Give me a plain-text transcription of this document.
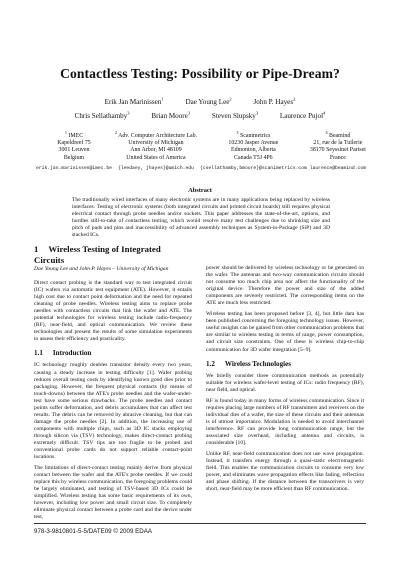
Contactless Testing: Possibility or Pipe-Dream?
Erik Jan Marinissen$^1$	Dae Young Lee$^2$	John P. Hayes$^2$
Chris Sellathamby$^3$	Brian Moore$^3$	Steven Slupsky$^3$	Laurence Pujol$^4$
$^1$ IMEC
Kapeldreef 75
3001 Leuven
Belgium
erik.jan.marinissen@imec.be
$^2$ Adv. Computer Architecture Lab.
University of Michigan
Ann Arbor, MI 48109
United States of America
{leedaey, jhayes}@umich.edu
$^3$ Scanimetrics
10230 Jasper Avenue
Edmonton, Alberta
Canada T5J 4P6
{csellathamby,bmoore}@scanimetrics.com
$^4$ Beamind
21, rue de la Tuilerie
38170 Seyssinet Pariset
France
laurence@beamind.com
Abstract
The traditionally wired interfaces of many electronic systems are in many applications being replaced by wireless interfaces. Testing of electronic systems (both integrated circuits and printed circuit boards) still requires physical electrical contact through probe needles and/or sockets. This paper addresses the state-of-the-art, options, and hurdles still-to-take of contactless testing, which would resolve many test challenges due to shrinking size and pitch of pads and pins and inaccessibility of advanced assembly techniques as System-in-Package (SiP) and 3D stacked ICs.
1 Wireless Testing of Integrated Circuits
Dae Young Lee and John P. Hayes – University of Michigan

Direct contact probing is the standard way to test integrated circuit (IC) wafers via automatic test equipment (ATE). However, it entails high cost due to contact point deformation and the need for repeated cleaning of probe needles. Wireless testing aims to replace probe needles with contactless circuits that link the wafer and ATE. The potential technologies for wireless testing include radio-frequency (RF), near-field, and optical communication. We review these technologies and present the results of some simulation experiments to assess their efficiency and practicality.

1.1 Introduction

IC technology roughly doubles transistor density every two years, causing a steady increase in testing difficulty [1]. Wafer probing reduces overall testing costs by identifying known good dies prior to packaging. However, the frequent physical contacts (by means of touch-downs) between the ATE's probe needles and the wafer-under-test have some serious drawbacks. The probe needles and contact points suffer deformation, and debris accumulates that can affect test results. The debris can be removed by abrasive cleaning, but that can damage the probe needles [2]. In addition, the increasing use of components with multiple chips, such as 3D IC stacks employing through silicon via (TSV) technology, makes direct-contact probing extremely difficult. TSV tips are too fragile to be probed and conventional probe cards do not support reliable contact-point locations.

The limitations of direct-contact testing mainly derive from physical contact between the wafer and the ATE's probe needles. If we could replace this by wireless communication, the foregoing problems could be largely eliminated, and testing of TSV-based 3D ICs could be simplified. Wireless testing has some basic requirements of its own, however, including low power and small circuit size. To completely eliminate physical contact between a probe card and the device under test,

power should be delivered by wireless technology or be generated on the wafer. The antennas and two-way communication circuits should not consume too much chip area nor affect the functionality of the original device. Therefore the power and size of the added components are severely restricted. The corresponding items on the ATE are much less restricted.

Wireless testing has been proposed before [3, 4], but little data has been published concerning the foregoing technology issues. However, useful insights can be gained from other communication problems that are similar to wireless testing in terms of range, power consumption, and circuit size constraints. One of these is wireless chip-to-chip communication for 3D wafer integration [5–9].

1.2 Wireless Technologies

We briefly consider three communication methods as potentially suitable for wireless wafer-level testing of ICs: radio frequency (RF), near field, and optical.

RF is found today in many forms of wireless communication. Since it requires placing large numbers of RF transmitters and receivers on the individual dies of a wafer, the size of these circuits and their antennas is of utmost importance. Modulation is needed to avoid interchannel interference. RF can provide long communication range, but the associated size overhead, including antenna and circuits, is considerable [10].

Unlike RF, near-field communication does not use wave propagation. Instead, it transfers energy through a quasi-static electromagnetic field. This enables the communication circuits to consume very low power, and eliminates wave propagation effects like fading, reflection and phase shifting. If the distance between the transceivers is very short, near-field may be more efficient than RF communication.

978-3-9810801-5-5/DATE09 © 2009 EDAA
